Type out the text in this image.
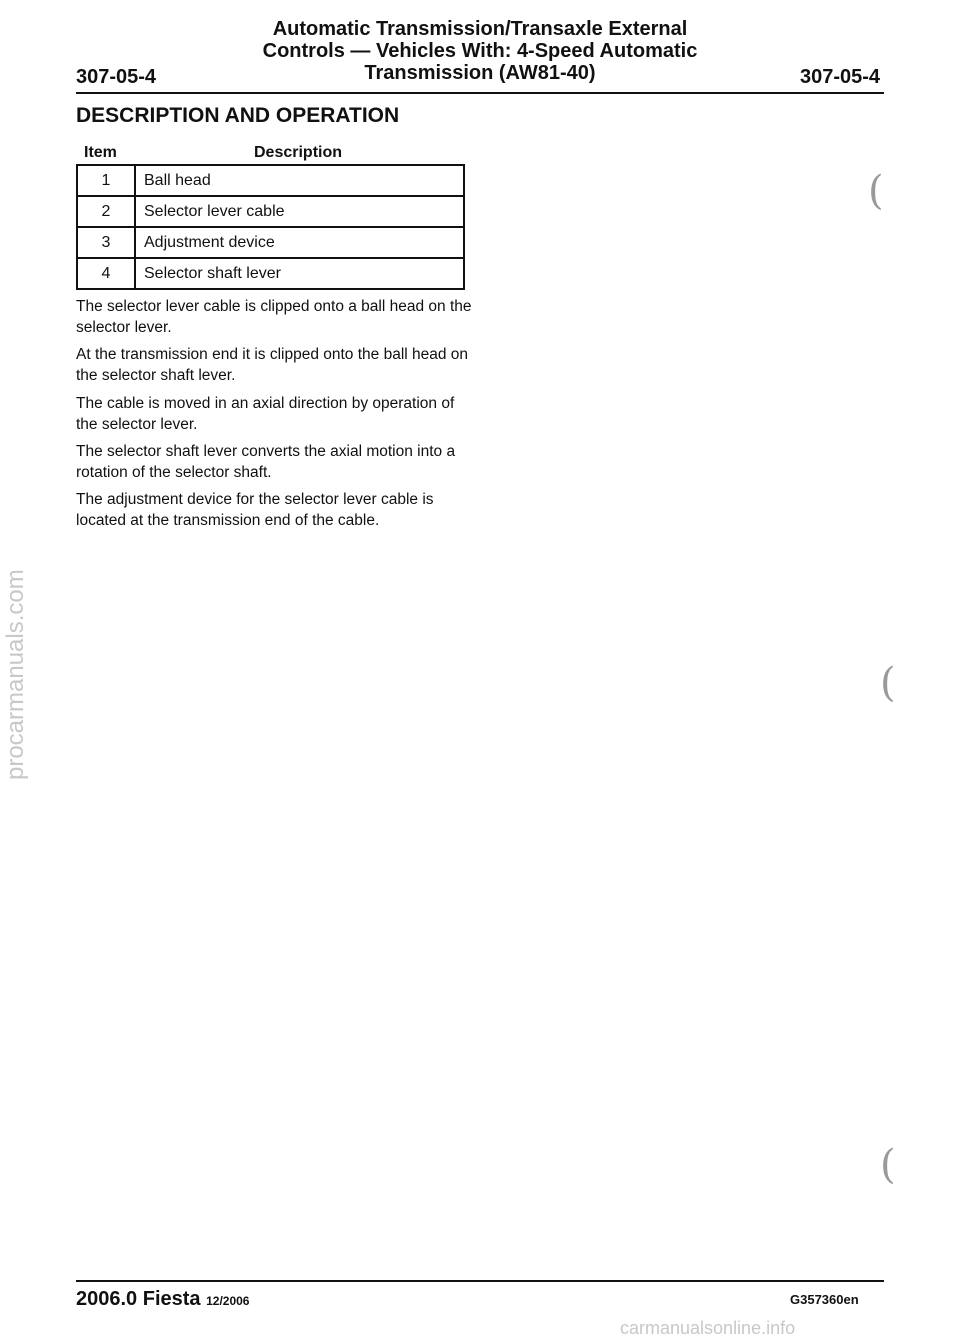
Automatic Transmission/Transaxle External
Controls — Vehicles With: 4-Speed Automatic
Transmission (AW81-40)
307-05-4	307-05-4
DESCRIPTION AND OPERATION
Item	Description
1	Ball head
2	Selector lever cable
3	Adjustment device
4	Selector shaft lever
The selector lever cable is clipped onto a ball head on the selector lever.
At the transmission end it is clipped onto the ball head on the selector shaft lever.
The cable is moved in an axial direction by operation of the selector lever.
The selector shaft lever converts the axial motion into a rotation of the selector shaft.
The adjustment device for the selector lever cable is located at the transmission end of the cable.
(
(
(
2006.0 Fiesta 12/2006	G357360en
procarmanuals.com
carmanualsonline.info
